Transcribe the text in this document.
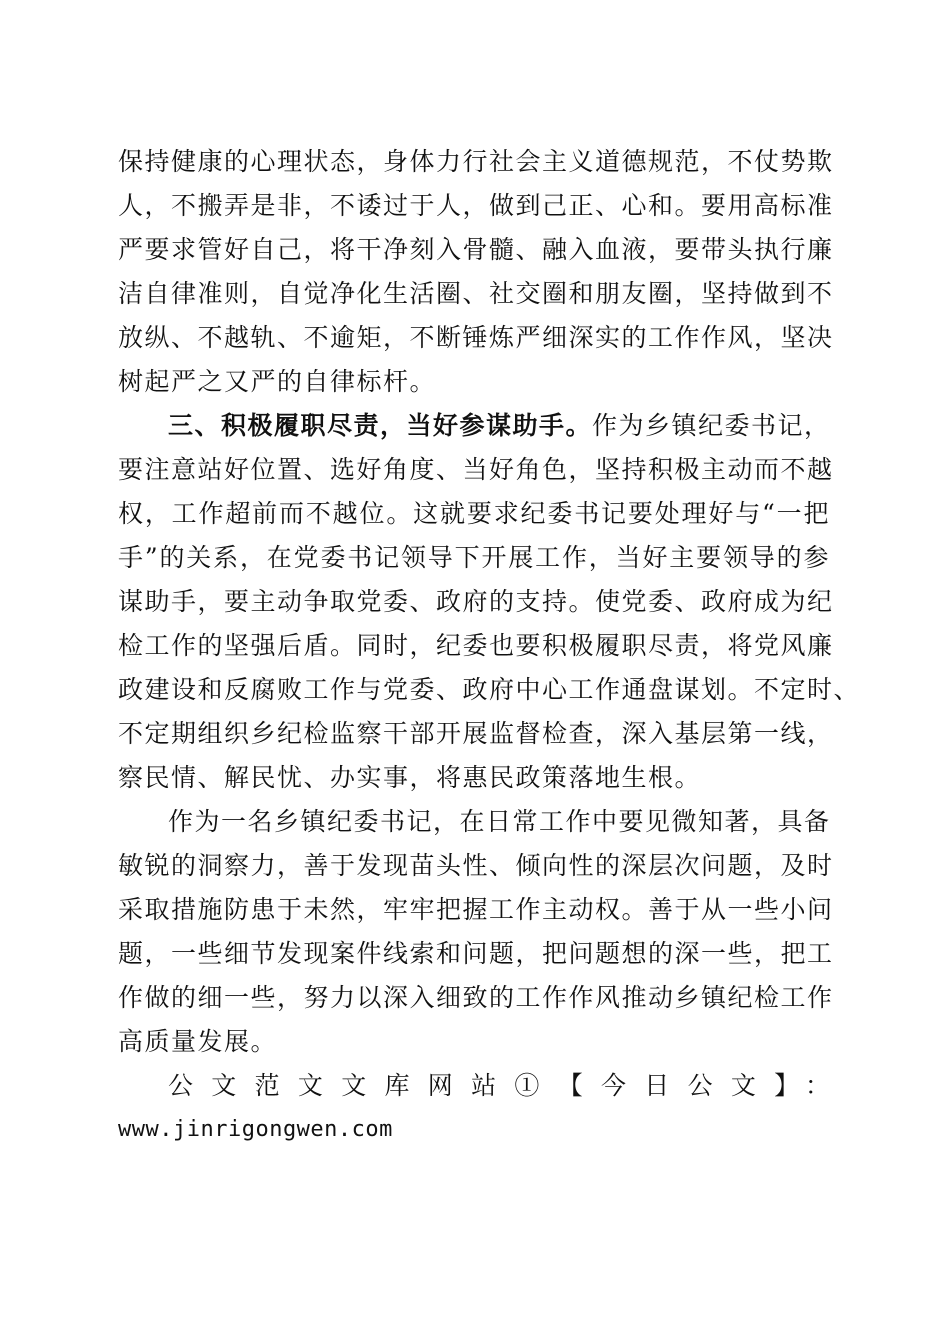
保持健康的心理状态，身体力行社会主义道德规范，不仗势欺
人，不搬弄是非，不诿过于人，做到己正、心和。要用高标准
严要求管好自己，将干净刻入骨髓、融入血液，要带头执行廉
洁自律准则，自觉净化生活圈、社交圈和朋友圈，坚持做到不
放纵、不越轨、不逾矩，不断锤炼严细深实的工作作风，坚决
树起严之又严的自律标杆。
三、积极履职尽责，当好参谋助手。作为乡镇纪委书记，
要注意站好位置、选好角度、当好角色，坚持积极主动而不越
权，工作超前而不越位。这就要求纪委书记要处理好与“一把
手”的关系，在党委书记领导下开展工作，当好主要领导的参
谋助手，要主动争取党委、政府的支持。使党委、政府成为纪
检工作的坚强后盾。同时，纪委也要积极履职尽责，将党风廉
政建设和反腐败工作与党委、政府中心工作通盘谋划。不定时、
不定期组织乡纪检监察干部开展监督检查，深入基层第一线，
察民情、解民忧、办实事，将惠民政策落地生根。
作为一名乡镇纪委书记，在日常工作中要见微知著，具备
敏锐的洞察力，善于发现苗头性、倾向性的深层次问题，及时
采取措施防患于未然，牢牢把握工作主动权。善于从一些小问
题，一些细节发现案件线索和问题，把问题想的深一些，把工
作做的细一些，努力以深入细致的工作作风推动乡镇纪检工作
高质量发展。
公文范文文库网站①【今日公文】：
www.jinrigongwen.com
